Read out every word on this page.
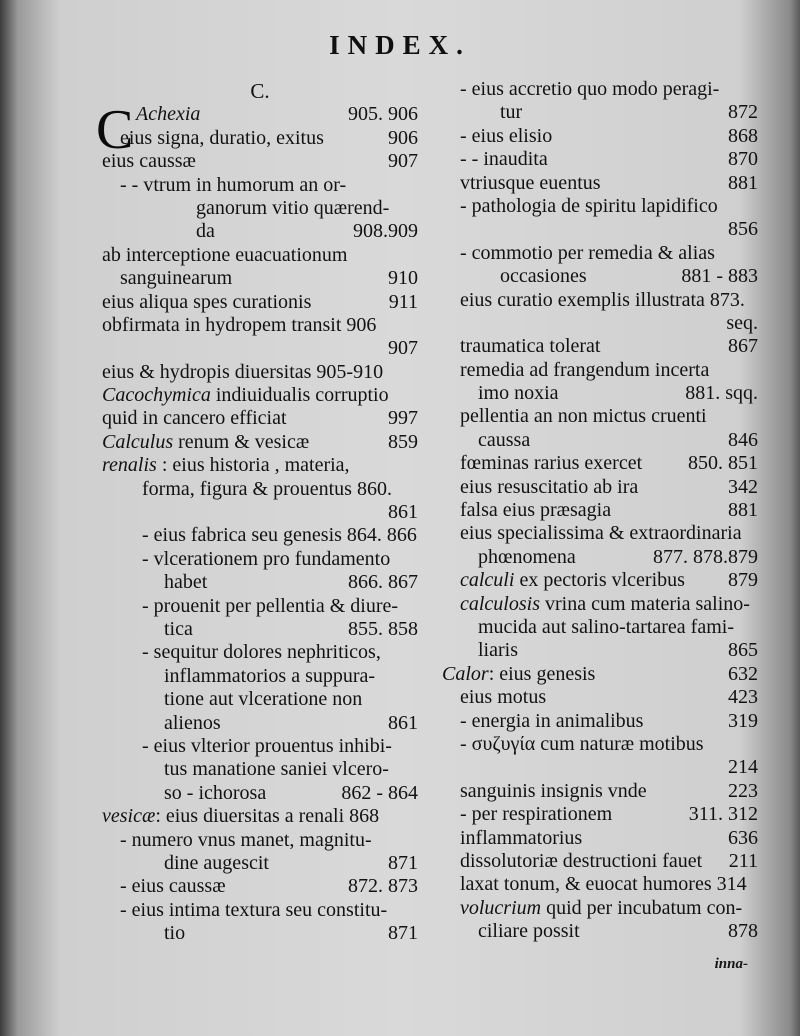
INDEX.
C.
C Achexia	905. 906
eius signa, duratio, exitus	906
eius caussæ	907
- - vtrum in humorum an or-
ganorum vitio quærend-
da	908.909
ab interceptione euacuationum
sanguinearum	910
eius aliqua spes curationis	911
obfirmata in hydropem transit 906
907
eius & hydropis diuersitas 905-910
Cacochymica indiuidualis corruptio
quid in cancero efficiat	997
Calculus renum & vesicæ	859
renalis : eius historia , materia,
forma, figura & prouentus 860.
861
- eius fabrica seu genesis 864. 866
- vlcerationem pro fundamento
habet	866. 867
- prouenit per pellentia & diure-
tica	855. 858
- sequitur dolores nephriticos,
inflammatorios a suppura-
tione aut vlceratione non
alienos	861
- eius vlterior prouentus inhibi-
tus manatione saniei vlcero-
so - ichorosa	862 - 864
vesicæ: eius diuersitas a renali 868
- numero vnus manet, magnitu-
dine augescit	871
- eius caussæ	872. 873
- eius intima textura seu constitu-
tio	871
- eius accretio quo modo peragi-
tur	872
- eius elisio	868
- - inaudita	870
vtriusque euentus	881
- pathologia de spiritu lapidifico
856
- commotio per remedia & alias
occasiones	881 - 883
eius curatio exemplis illustrata 873.
seq.
traumatica tolerat	867
remedia ad frangendum incerta
imo noxia	881. sqq.
pellentia an non mictus cruenti
caussa	846
fœminas rarius exercet 850. 851
eius resuscitatio ab ira	342
falsa eius præsagia	881
eius specialissima & extraordinaria
phœnomena	877. 878.879
calculi ex pectoris vlceribus 879
calculosis vrina cum materia salino-
mucida aut salino-tartarea fami-
liaris	865
Calor: eius genesis	632
eius motus	423
- energia in animalibus	319
- συζυγία cum naturæ motibus
214
sanguinis insignis vnde	223
- per respirationem	311. 312
inflammatorius	636
dissolutoriæ destructioni fauet 211
laxat tonum, & euocat humores 314
volucrium quid per incubatum con-
ciliare possit	878
inna-
